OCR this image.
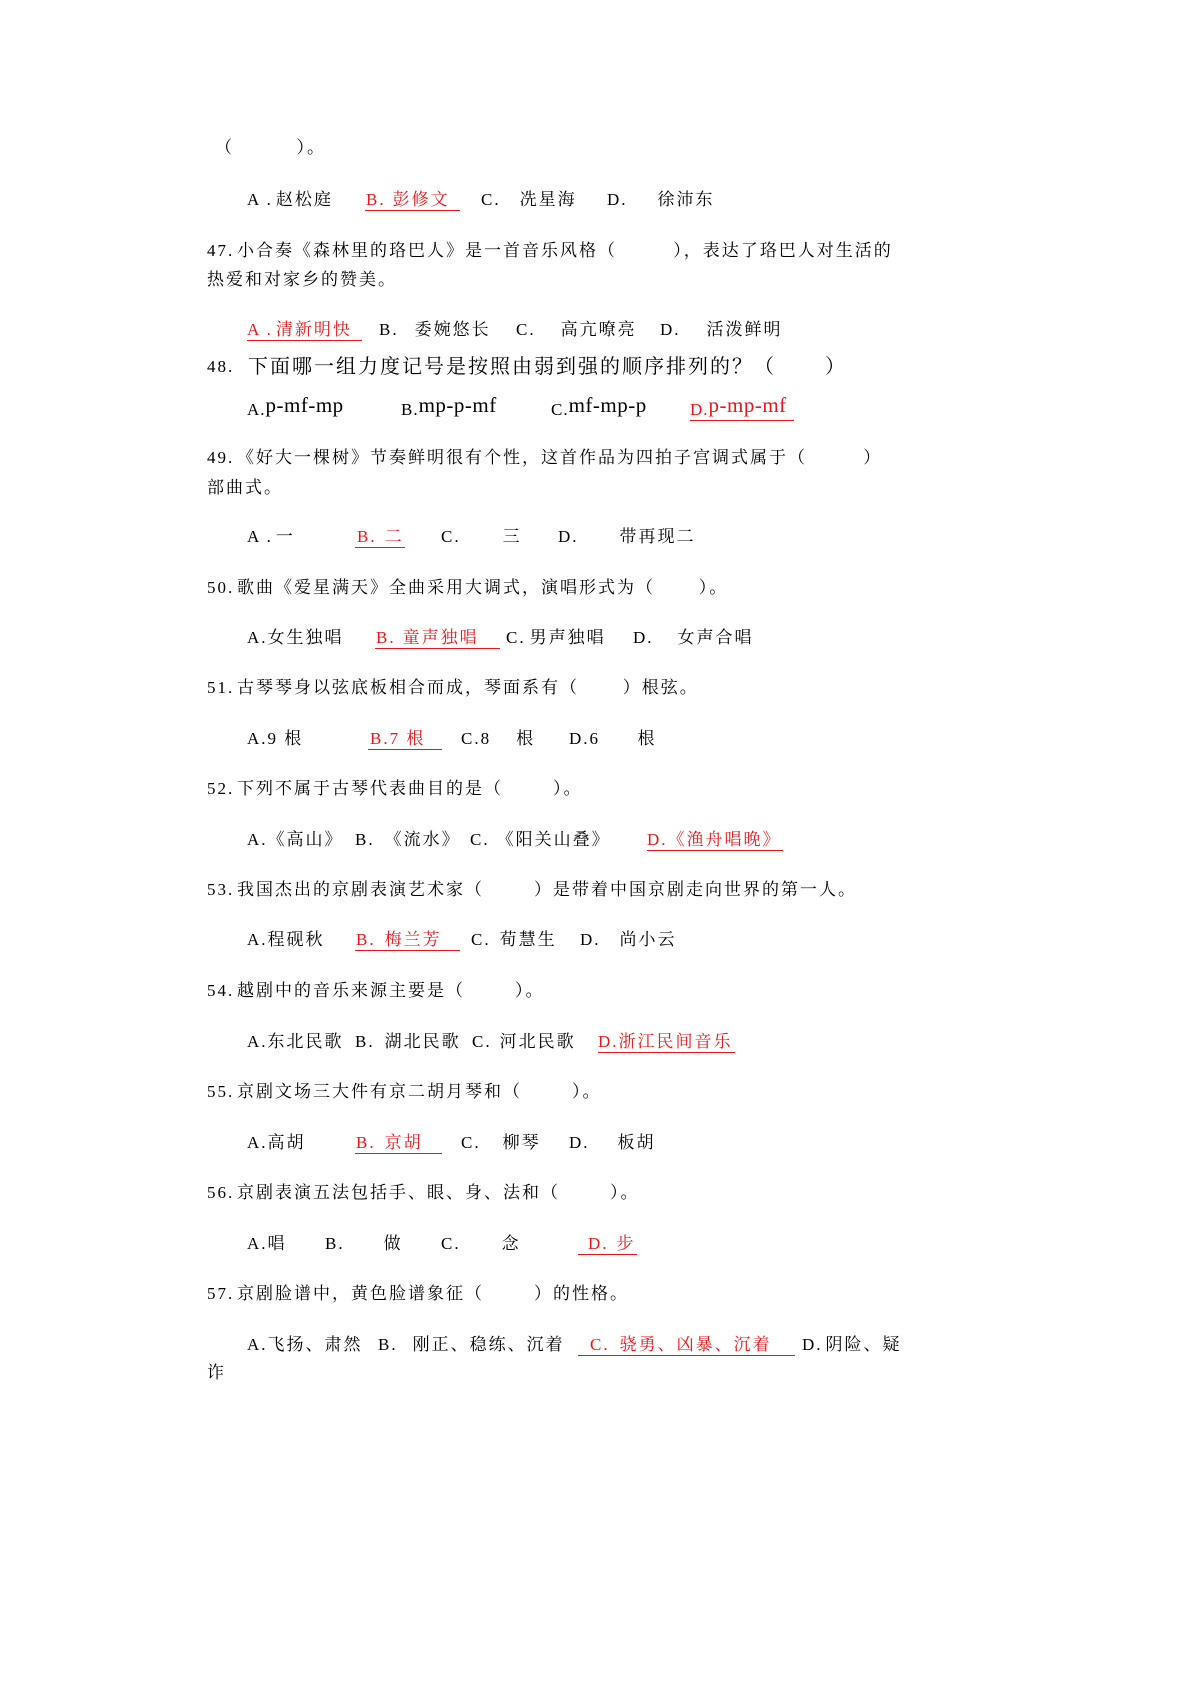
（          ）。

A . 赵松庭

B. 彭修文

	C. 冼星海

D. 徐沛东

47.

小合奏《森林里的珞巴人》是一首音乐风格（         ），表达了珞巴人对生活的

热爱和对家乡的赞美。

A . 清新明快

	B. 委婉悠长

C. 高亢嘹亮

D. 活泼鲜明

48.

下面哪一组力度记号是按照由弱到强的顺序排列的？（       ）

A.p-mf-mp

	B.mp-p-mf

	C.mf-mp-p

	D.p-mp-mf

49.

《好大一棵树》节奏鲜明很有个性，这首作品为四拍子宫调式属于（         ）

部曲式。

A . 一

	B. 二

C. 三

D. 带再现二

50.

歌曲《爱星满天》全曲采用大调式，演唱形式为（       ）。

A.女生独唱

B. 童声独唱

	C. 男声独唱

D. 女声合唱

51.

古琴琴身以弦底板相合而成，琴面系有（       ）根弦。

A.9 根

	B.7 根

	C.8    根

D.6      根

52.

下列不属于古琴代表曲目的是（        ）。

A.《高山》

B. 《流水》

C. 《阳关山叠》

D.《渔舟唱晚》

53.

我国杰出的京剧表演艺术家（        ）是带着中国京剧走向世界的第一人。

A.程砚秋

B. 梅兰芳

	C. 荀慧生

D. 尚小云

54.

越剧中的音乐来源主要是（        ）。

A.东北民歌

B. 湖北民歌

C. 河北民歌

D.浙江民间音乐

55.

京剧文场三大件有京二胡月琴和（        ）。

A.高胡

	B. 京胡

	C. 柳琴

D. 板胡

56.

京剧表演五法包括手、眼、身、法和（        ）。

A.唱

B. 做

C. 念

	D. 步

57.

京剧脸谱中，黄色脸谱象征（        ）的性格。

A.飞扬、肃然

B. 刚正、稳练、沉着

	C. 骁勇、凶暴、沉着

	D. 阴险、疑

诈
